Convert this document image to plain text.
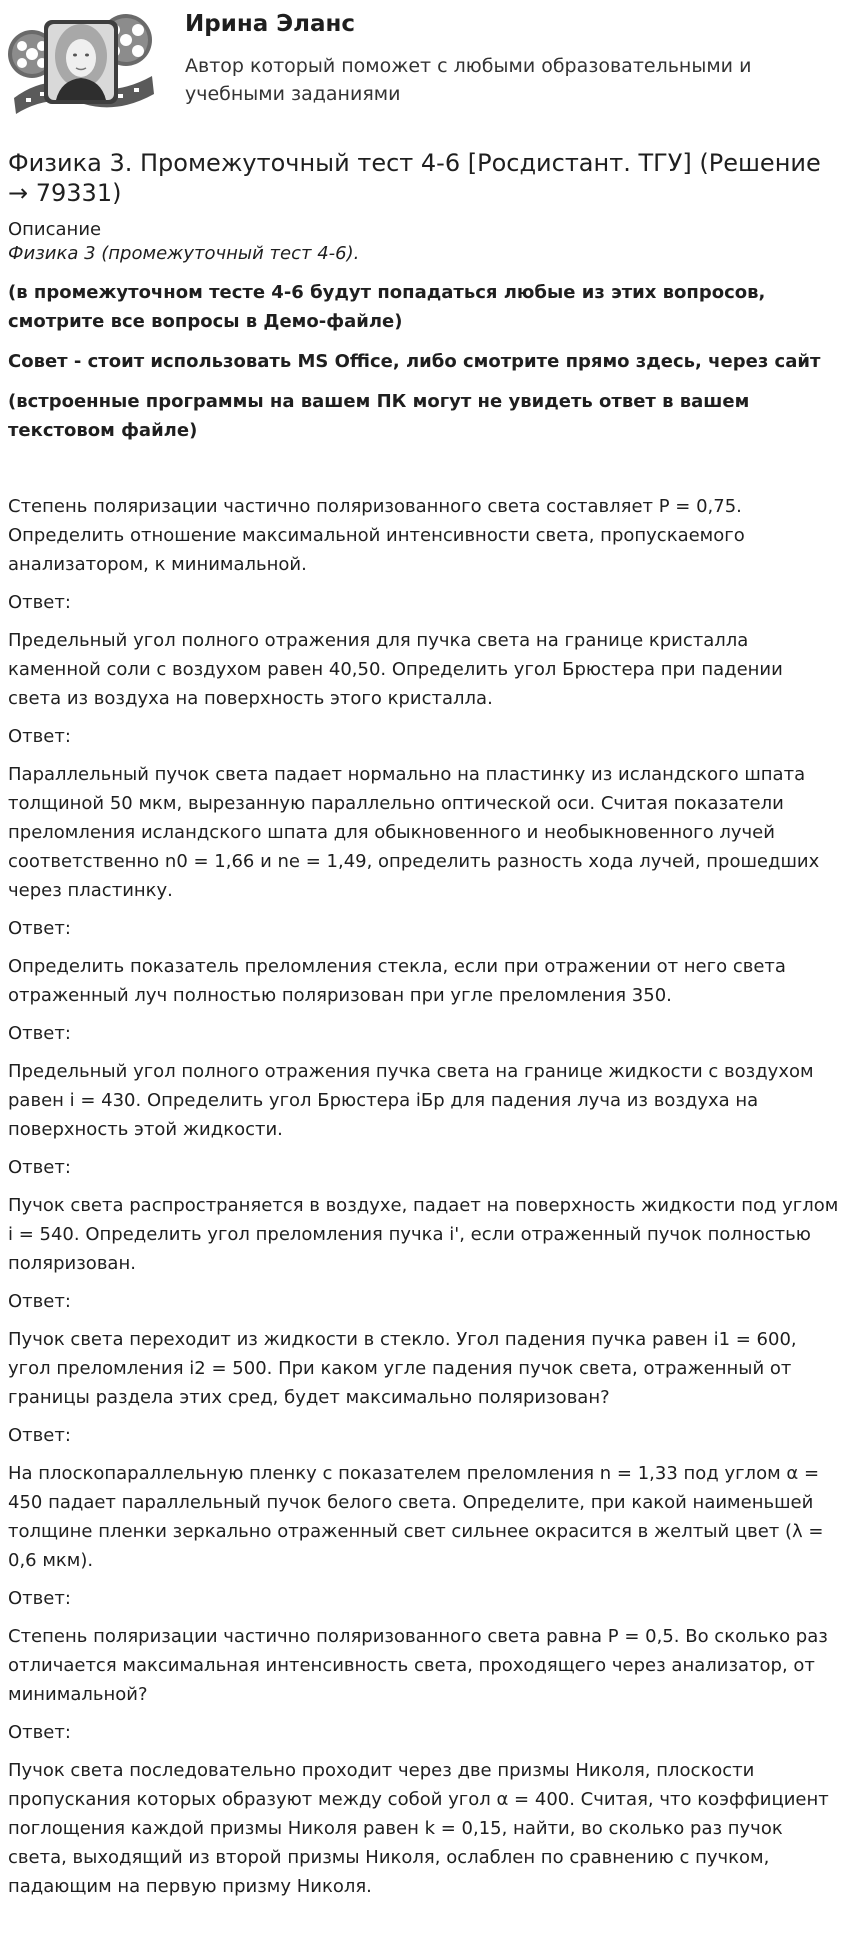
Ирина Эланс
Автор который поможет с любыми образовательными и учебными заданиями
Физика 3. Промежуточный тест 4-6 [Росдистант. ТГУ] (Решение → 79331)

Описание

Физика 3 (промежуточный тест 4-6).

(в промежуточном тесте 4-6 будут попадаться любые из этих вопросов, смотрите все вопросы в Демо-файле)

Совет - стоит использовать MS Office, либо смотрите прямо здесь, через сайт

(встроенные программы на вашем ПК могут не увидеть ответ в вашем текстовом файле)

Степень поляризации частично поляризованного света составляет Р = 0,75. Определить отношение максимальной интенсивности света, пропускаемого анализатором, к минимальной.

Ответ:

Предельный угол полного отражения для пучка света на границе кристалла каменной соли с воздухом равен 40,50. Определить угол Брюстера при падении света из воздуха на поверхность этого кристалла.

Ответ:

Параллельный пучок света падает нормально на пластинку из исландского шпата толщиной 50 мкм, вырезанную параллельно оптической оси. Считая показатели преломления исландского шпата для обыкновенного и необыкновенного лучей соответственно n0 = 1,66 и nе = 1,49, определить разность хода лучей, прошедших через пластинку.

Ответ:

Определить показатель преломления стекла, если при отражении от него света отраженный луч полностью поляризован при угле преломления 350.

Ответ:

Предельный угол полного отражения пучка света на границе жидкости с воздухом равен i = 430. Определить угол Брюстера iБр для падения луча из воздуха на поверхность этой жидкости.

Ответ:

Пучок света распространяется в воздухе, падает на поверхность жидкости под углом i = 540. Определить угол преломления пучка i', если отраженный пучок полностью поляризован.

Ответ:

Пучок света переходит из жидкости в стекло. Угол падения пучка равен i1 = 600, угол преломления i2 = 500. При каком угле падения пучок света, отраженный от границы раздела этих сред, будет максимально поляризован?

Ответ:

На плоскопараллельную пленку с показателем преломления n = 1,33 под углом α = 450 падает параллельный пучок белого света. Определите, при какой наименьшей толщине пленки зеркально отраженный свет сильнее окрасится в желтый цвет (λ = 0,6 мкм).

Ответ:

Степень поляризации частично поляризованного света равна Р = 0,5. Во сколько раз отличается максимальная интенсивность света, проходящего через анализатор, от минимальной?

Ответ:

Пучок света последовательно проходит через две призмы Николя, плоскости пропускания которых образуют между собой угол α = 400. Считая, что коэффициент поглощения каждой призмы Николя равен k = 0,15, найти, во сколько раз пучок света, выходящий из второй призмы Николя, ослаблен по сравнению с пучком, падающим на первую призму Николя.
